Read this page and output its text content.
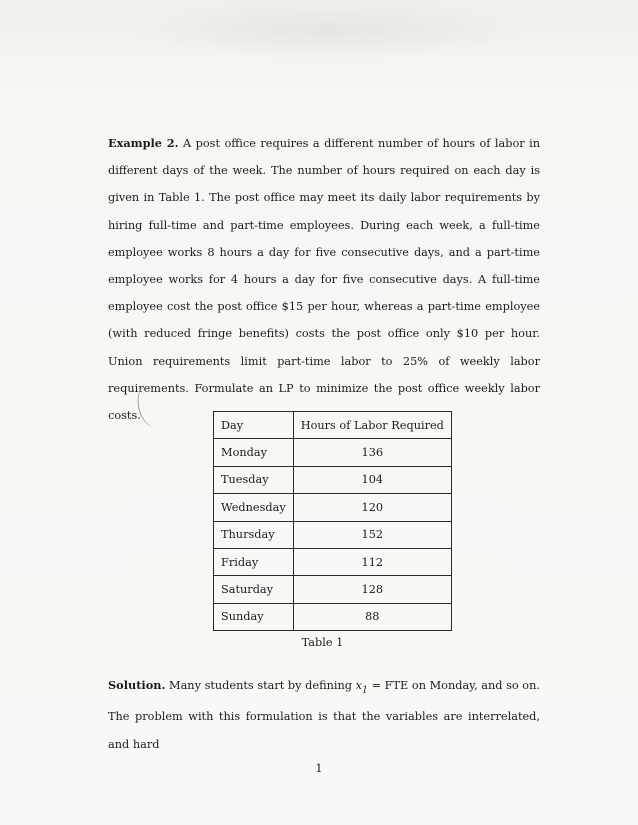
Example 2. A post office requires a different number of hours of labor in different days of the week. The number of hours required on each day is given in Table 1. The post office may meet its daily labor requirements by hiring full-time and part-time employees. During each week, a full-time employee works 8 hours a day for five consecutive days, and a part-time employee works for 4 hours a day for five consecutive days. A full-time employee cost the post office $15 per hour, whereas a part-time employee (with reduced fringe benefits) costs the post office only $10 per hour. Union requirements limit part-time labor to 25% of weekly labor requirements. Formulate an LP to minimize the post office weekly labor costs.

Day	Hours of Labor Required
Monday	136
Tuesday	104
Wednesday	120
Thursday	152
Friday	112
Saturday	128
Sunday	88
Table 1

Solution. Many students start by defining $x_1$ = FTE on Monday, and so on. The problem with this formulation is that the variables are interrelated, and hard

1
